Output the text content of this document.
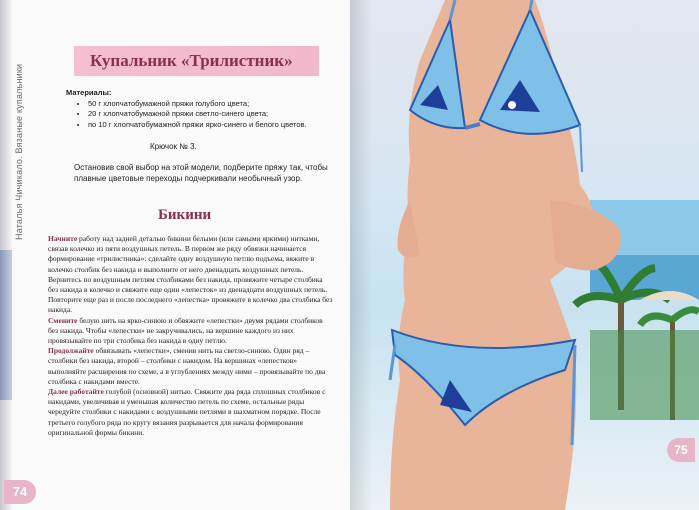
Наталья Чичикало. Вязаные купальники
Купальник «Трилистник»
Материалы:
• 50 г хлопчатобумажной пряжи голубого цвета;
• 20 г хлопчатобумажной пряжи светло-синего цвета;
• по 10 г хлопчатобумажной пряжи ярко-синего и белого цветов.
Крючок № 3.
Остановив свой выбор на этой модели, подберите пряжу так, чтобы плавные цветовые переходы подчеркивали необычный узор.
Бикини

Начните работу над задней деталью бикини белыми (или самыми яркими) нитками, связав колечко из пяти воздушных петель. В первом же ряду обвязки начинается формирование «трилистника»: сделайте одну воздушную петлю подъема, вяжите в колечко столбик без накида и выполните от него двенадцать воздушных петель. Вернитесь по воздушным петлям столбиками без накида, провяжите четыре столбика без накида в колечко и свяжите еще один «лепесток» из двенадцати воздушных петель. Повторите еще раз и после последнего «лепестка» провяжите в колечко два столбика без накида.

Смените белую нить на ярко-синюю и обвяжите «лепестки» двумя рядами столбиков без накида. Чтобы «лепестки» не закручивались, на вершине каждого из них провязывайте по три столбика без накида в одну петлю.

Продолжайте обвязывать «лепестки», сменив нить на светло-синюю. Один ряд – столбики без накида, второй – столбики с накидом. На вершинах «лепестков» выполняйте расширения по схеме, а в углублениях между ними – провязывайте по два столбика с накидами вместе.

Далее работайте голубой (основной) нитью. Свяжите два ряда сплошных столбиков с накидами, увеличивая и уменьшая количество петель по схеме, остальные ряды чередуйте столбики с накидами с воздушными петлями в шахматном порядке. После третьего голубого ряда по кругу вязания разрывается для начала формирования оригинальной формы бикини.

74
75
